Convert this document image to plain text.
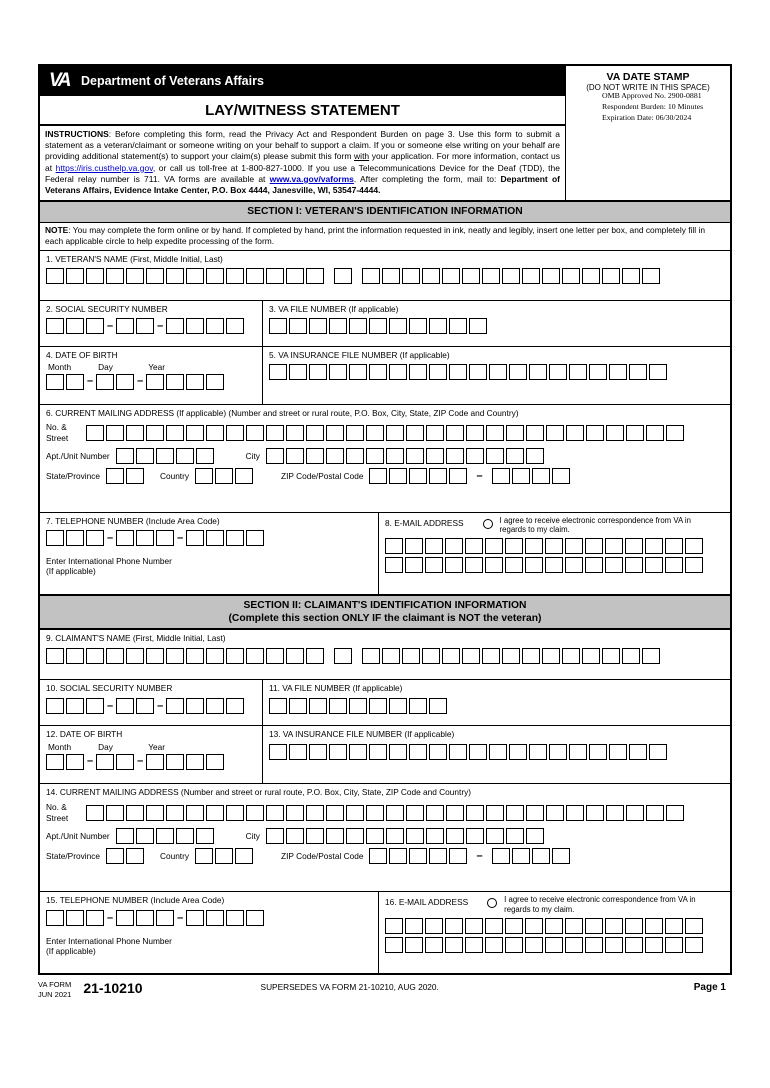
OMB Approved No. 2900-0881
Respondent Burden: 10 Minutes
Expiration Date: 06/30/2024
VA Department of Veterans Affairs
LAY/WITNESS STATEMENT
INSTRUCTIONS: Before completing this form, read the Privacy Act and Respondent Burden on page 3. Use this form to submit a statement as a veteran/claimant or someone writing on your behalf to support a claim. If you or someone else writing on your behalf are providing additional statement(s) to support your claim(s) please submit this form with your application. For more information, contact us at https://iris.custhelp.va.gov, or call us toll-free at 1-800-827-1000. If you use a Telecommunications Device for the Deaf (TDD), the Federal relay number is 711. VA forms are available at www.va.gov/vaforms. After completing the form, mail to: Department of Veterans Affairs, Evidence Intake Center, P.O. Box 4444, Janesville, WI, 53547-4444.
VA DATE STAMP
(DO NOT WRITE IN THIS SPACE)
SECTION I: VETERAN'S IDENTIFICATION INFORMATION
NOTE: You may complete the form online or by hand. If completed by hand, print the information requested in ink, neatly and legibly, insert one letter per box, and completely fill in each applicable circle to help expedite processing of the form.
1. VETERAN'S NAME (First, Middle Initial, Last)
2. SOCIAL SECURITY NUMBER
–	–
3. VA FILE NUMBER (If applicable)
4. DATE OF BIRTH
Month
–
Day
–
Year
5. VA INSURANCE FILE NUMBER (If applicable)
6. CURRENT MAILING ADDRESS (If applicable) (Number and street or rural route, P.O. Box, City, State, ZIP Code and Country)
No. &
Street
Apt./Unit Number	City
State/Province	Country	ZIP Code/Postal Code	–
7. TELEPHONE NUMBER (Include Area Code)
–	–
Enter International Phone Number
(If applicable)
8. E-MAIL ADDRESS	I agree to receive electronic correspondence from VA in regards to my claim.
SECTION II: CLAIMANT'S IDENTIFICATION INFORMATION
(Complete this section ONLY IF the claimant is NOT the veteran)
9. CLAIMANT'S NAME (First, Middle Initial, Last)
10. SOCIAL SECURITY NUMBER
–	–
11. VA FILE NUMBER (If applicable)
12. DATE OF BIRTH
Month
–
Day
–
Year
13. VA INSURANCE FILE NUMBER (If applicable)
14. CURRENT MAILING ADDRESS (Number and street or rural route, P.O. Box, City, State, ZIP Code and Country)
No. &
Street
Apt./Unit Number	City
State/Province	Country	ZIP Code/Postal Code	–
15. TELEPHONE NUMBER (Include Area Code)
–	–
Enter International Phone Number
(If applicable)
16. E-MAIL ADDRESS	I agree to receive electronic correspondence from VA in regards to my claim.
VA FORM
JUN 2021 21-10210	SUPERSEDES VA FORM 21-10210, AUG 2020.	Page 1
